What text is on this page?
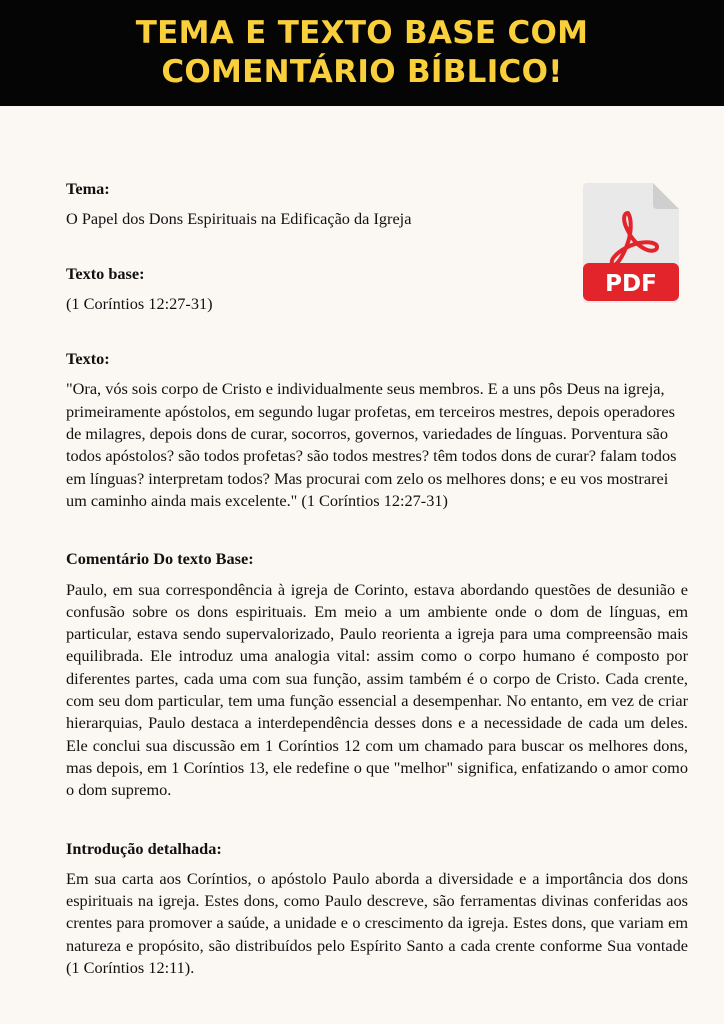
TEMA E TEXTO BASE COM
COMENTÁRIO BÍBLICO!
PDF

Tema:

O Papel dos Dons Espirituais na Edificação da Igreja

Texto base:

(1 Coríntios 12:27-31)

Texto:

"Ora, vós sois corpo de Cristo e individualmente seus membros. E a uns pôs Deus na igreja, primeiramente apóstolos, em segundo lugar profetas, em terceiros mestres, depois operadores de milagres, depois dons de curar, socorros, governos, variedades de línguas. Porventura são todos apóstolos? são todos profetas? são todos mestres? têm todos dons de curar? falam todos em línguas? interpretam todos? Mas procurai com zelo os melhores dons; e eu vos mostrarei um caminho ainda mais excelente." (1 Coríntios 12:27-31)

Comentário Do texto Base:

Paulo, em sua correspondência à igreja de Corinto, estava abordando questões de desunião e confusão sobre os dons espirituais. Em meio a um ambiente onde o dom de línguas, em particular, estava sendo supervalorizado, Paulo reorienta a igreja para uma compreensão mais equilibrada. Ele introduz uma analogia vital: assim como o corpo humano é composto por diferentes partes, cada uma com sua função, assim também é o corpo de Cristo. Cada crente, com seu dom particular, tem uma função essencial a desempenhar. No entanto, em vez de criar hierarquias, Paulo destaca a interdependência desses dons e a necessidade de cada um deles. Ele conclui sua discussão em 1 Coríntios 12 com um chamado para buscar os melhores dons, mas depois, em 1 Coríntios 13, ele redefine o que "melhor" significa, enfatizando o amor como o dom supremo.

Introdução detalhada:

Em sua carta aos Coríntios, o apóstolo Paulo aborda a diversidade e a importância dos dons espirituais na igreja. Estes dons, como Paulo descreve, são ferramentas divinas conferidas aos crentes para promover a saúde, a unidade e o crescimento da igreja. Estes dons, que variam em natureza e propósito, são distribuídos pelo Espírito Santo a cada crente conforme Sua vontade (1 Coríntios 12:11).
